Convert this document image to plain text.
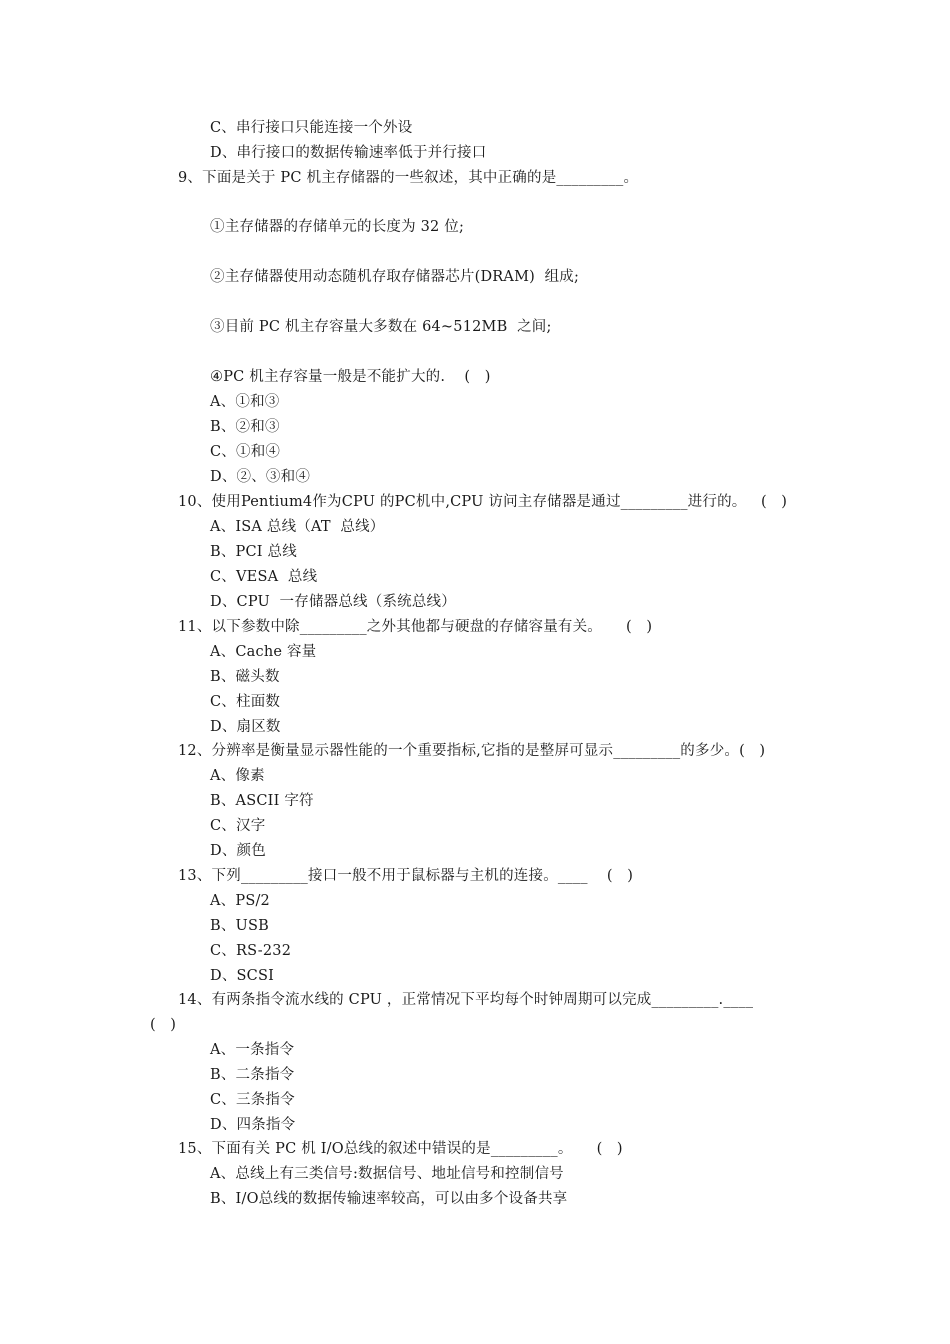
C、串行接口只能连接一个外设
D、串行接口的数据传输速率低于并行接口
9、下面是关于 PC 机主存储器的一些叙述，其中正确的是_________。
①主存储器的存储单元的长度为 32 位;
②主存储器使用动态随机存取存储器芯片(DRAM)  组成;
③目前 PC 机主存容量大多数在 64~512MB  之间;
④PC 机主存容量一般是不能扩大的.    (   )
A、①和③
B、②和③
C、①和④
D、②、③和④
10、使用Pentium4作为CPU 的PC机中,CPU 访问主存储器是通过_________进行的。   (   )
A、ISA 总线（AT  总线）
B、PCI 总线
C、VESA  总线
D、CPU  一存储器总线（系统总线）
11、以下参数中除_________之外其他都与硬盘的存储容量有关。     (   )
A、Cache 容量
B、磁头数
C、柱面数
D、扇区数
12、分辨率是衡量显示器性能的一个重要指标,它指的是整屏可显示_________的多少。(   )
A、像素
B、ASCII 字符
C、汉字
D、颜色
13、下列_________接口一般不用于鼠标器与主机的连接。____    (   )
A、PS/2
B、USB
C、RS-232
D、SCSI
14、有两条指令流水线的 CPU ，正常情况下平均每个时钟周期可以完成_________.____
(   )
A、一条指令
B、二条指令
C、三条指令
D、四条指令
15、下面有关 PC 机 I/O总线的叙述中错误的是_________。     (   )
A、总线上有三类信号:数据信号、地址信号和控制信号
B、I/O总线的数据传输速率较高，可以由多个设备共享
